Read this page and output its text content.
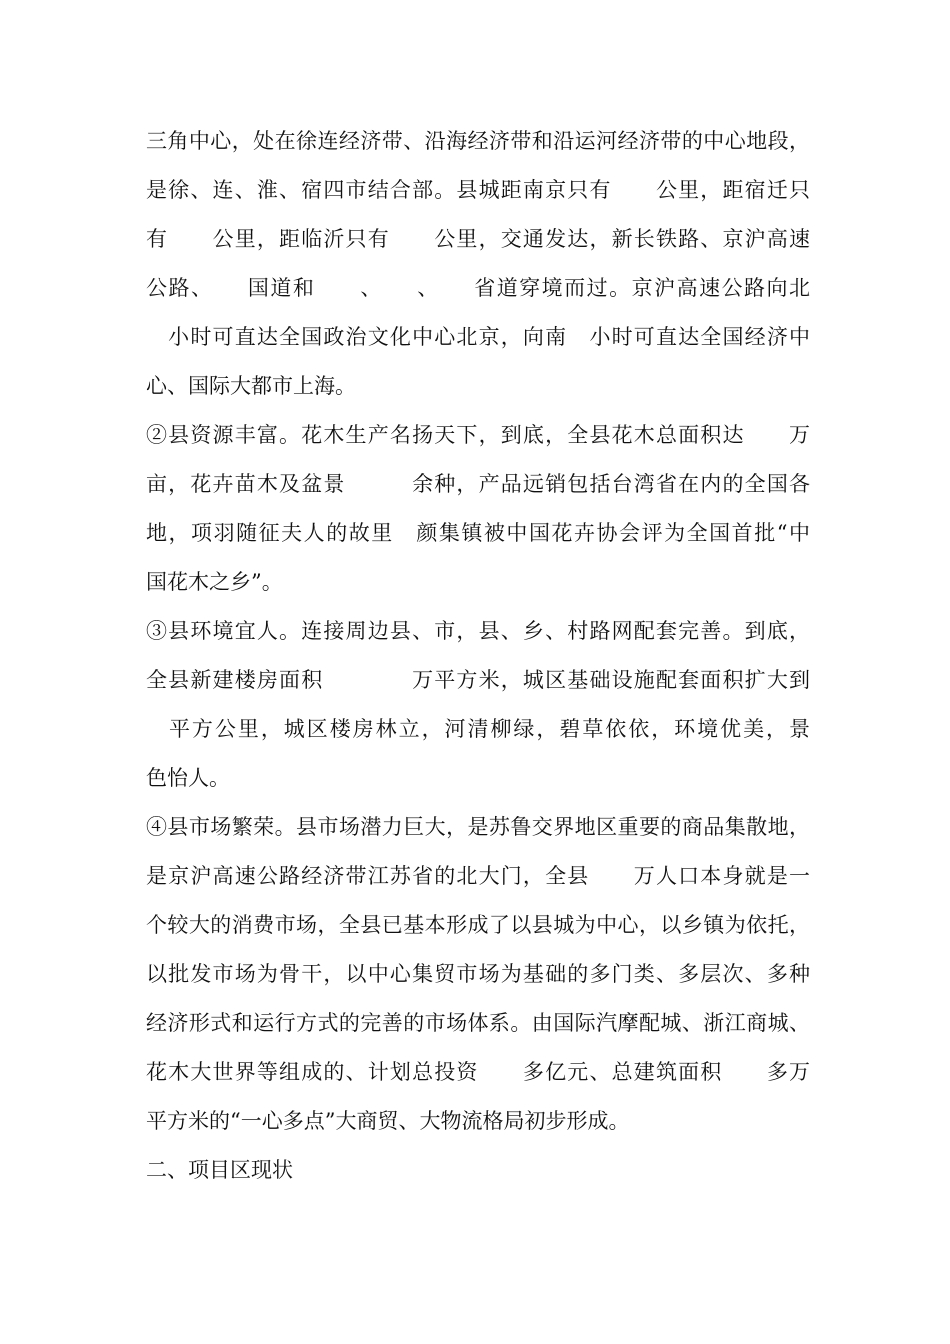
三角中心，处在徐连经济带、沿海经济带和沿运河经济带的中心地段，
是徐、连、淮、宿四市结合部。县城距南京只有　　公里，距宿迁只
有　　公里，距临沂只有　　公里，交通发达，新长铁路、京沪高速
公路、　　国道和　　、　　、　　省道穿境而过。京沪高速公路向北
　小时可直达全国政治文化中心北京，向南　小时可直达全国经济中
心、国际大都市上海。
②县资源丰富。花木生产名扬天下，到底，全县花木总面积达　　万
亩，花卉苗木及盆景　　　余种，产品远销包括台湾省在内的全国各
地，项羽随征夫人的故里　颜集镇被中国花卉协会评为全国首批“中
国花木之乡”。
③县环境宜人。连接周边县、市，县、乡、村路网配套完善。到底，
全县新建楼房面积　　　　万平方米，城区基础设施配套面积扩大到
　平方公里，城区楼房林立，河清柳绿，碧草依依，环境优美，景
色怡人。
④县市场繁荣。县市场潜力巨大，是苏鲁交界地区重要的商品集散地，
是京沪高速公路经济带江苏省的北大门，全县　　万人口本身就是一
个较大的消费市场，全县已基本形成了以县城为中心，以乡镇为依托，
以批发市场为骨干，以中心集贸市场为基础的多门类、多层次、多种
经济形式和运行方式的完善的市场体系。由国际汽摩配城、浙江商城、
花木大世界等组成的、计划总投资　　多亿元、总建筑面积　　多万
平方米的“一心多点”大商贸、大物流格局初步形成。
二、项目区现状
